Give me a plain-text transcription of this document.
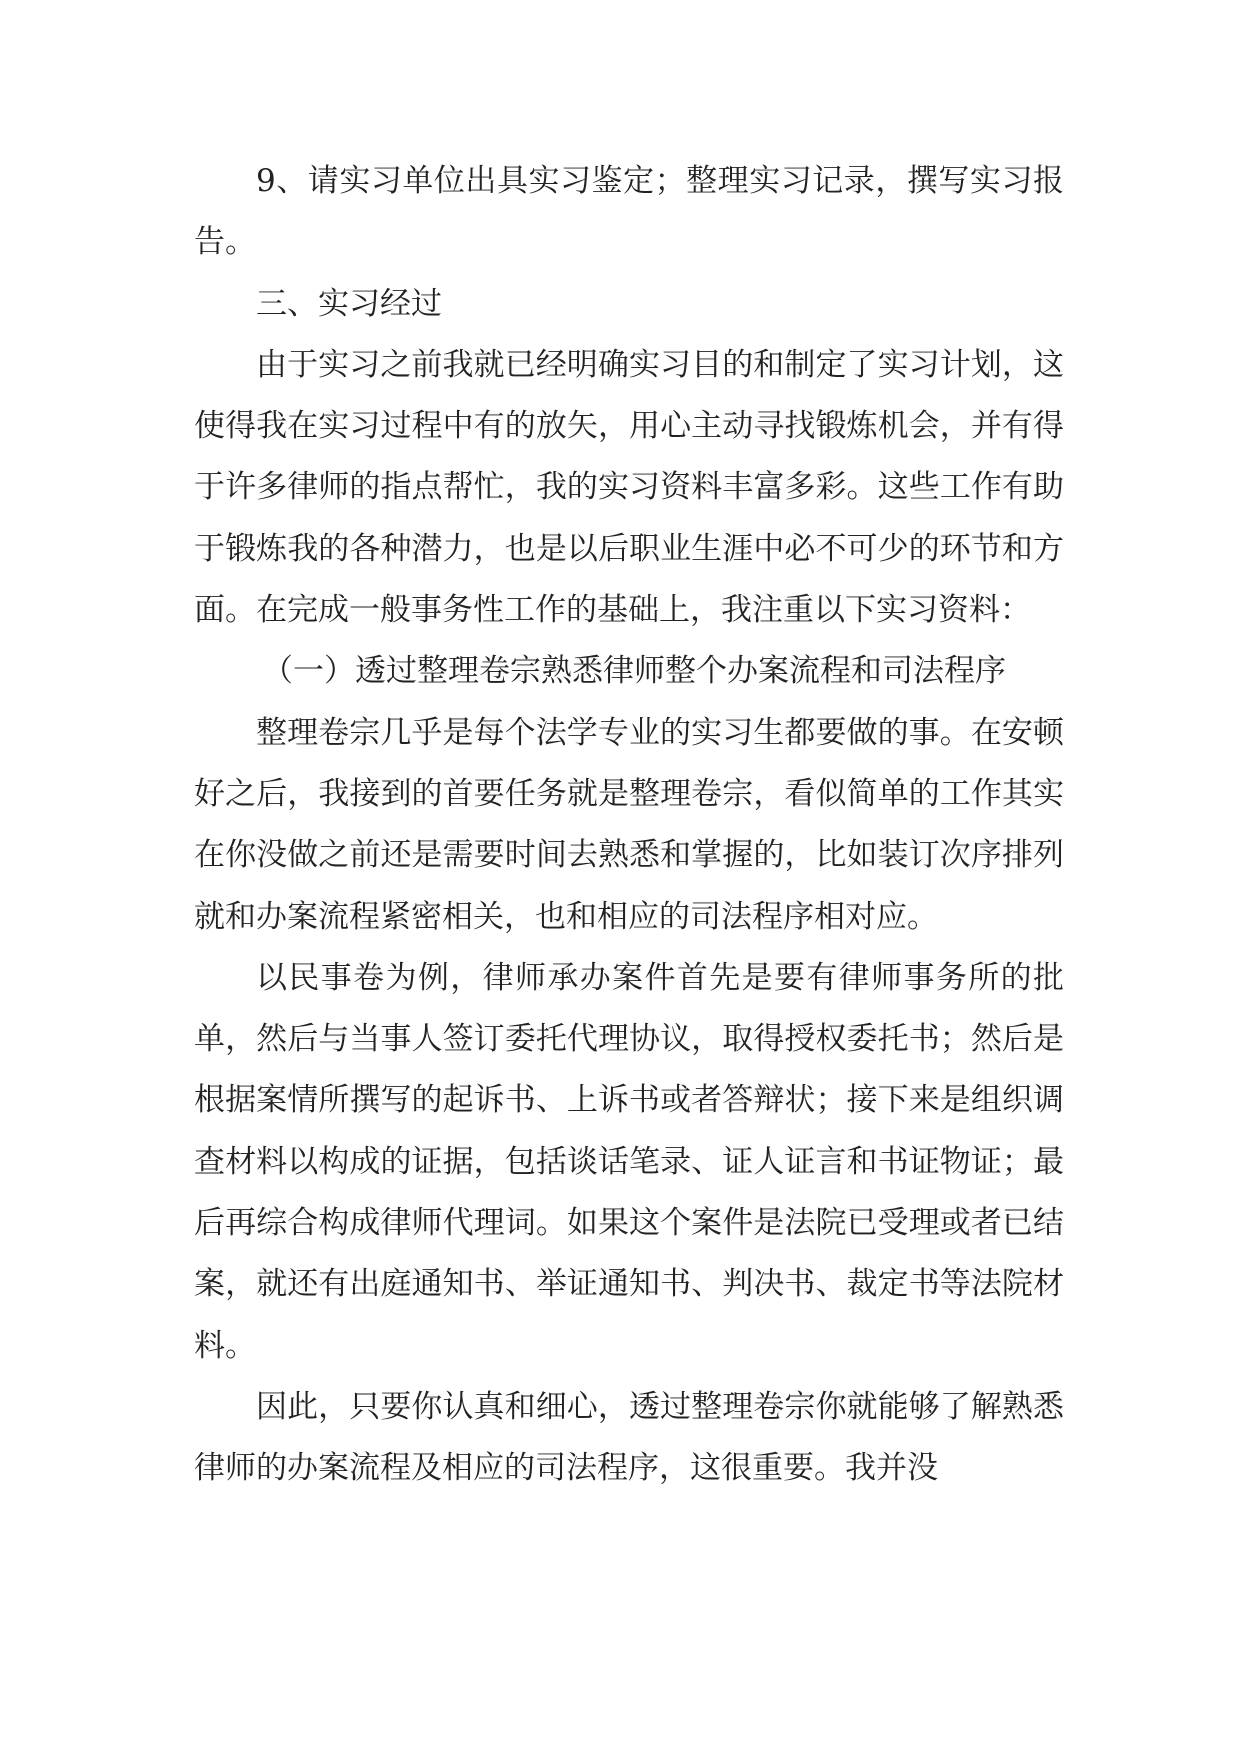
9、请实习单位出具实习鉴定；整理实习记录，撰写实习报告。

三、实习经过

由于实习之前我就已经明确实习目的和制定了实习计划，这使得我在实习过程中有的放矢，用心主动寻找锻炼机会，并有得于许多律师的指点帮忙，我的实习资料丰富多彩。这些工作有助于锻炼我的各种潜力，也是以后职业生涯中必不可少的环节和方面。在完成一般事务性工作的基础上，我注重以下实习资料：

（一）透过整理卷宗熟悉律师整个办案流程和司法程序

整理卷宗几乎是每个法学专业的实习生都要做的事。在安顿好之后，我接到的首要任务就是整理卷宗，看似简单的工作其实在你没做之前还是需要时间去熟悉和掌握的，比如装订次序排列就和办案流程紧密相关，也和相应的司法程序相对应。

以民事卷为例，律师承办案件首先是要有律师事务所的批单，然后与当事人签订委托代理协议，取得授权委托书；然后是根据案情所撰写的起诉书、上诉书或者答辩状；接下来是组织调查材料以构成的证据，包括谈话笔录、证人证言和书证物证；最后再综合构成律师代理词。如果这个案件是法院已受理或者已结案，就还有出庭通知书、举证通知书、判决书、裁定书等法院材料。

因此，只要你认真和细心，透过整理卷宗你就能够了解熟悉律师的办案流程及相应的司法程序，这很重要。我并没
